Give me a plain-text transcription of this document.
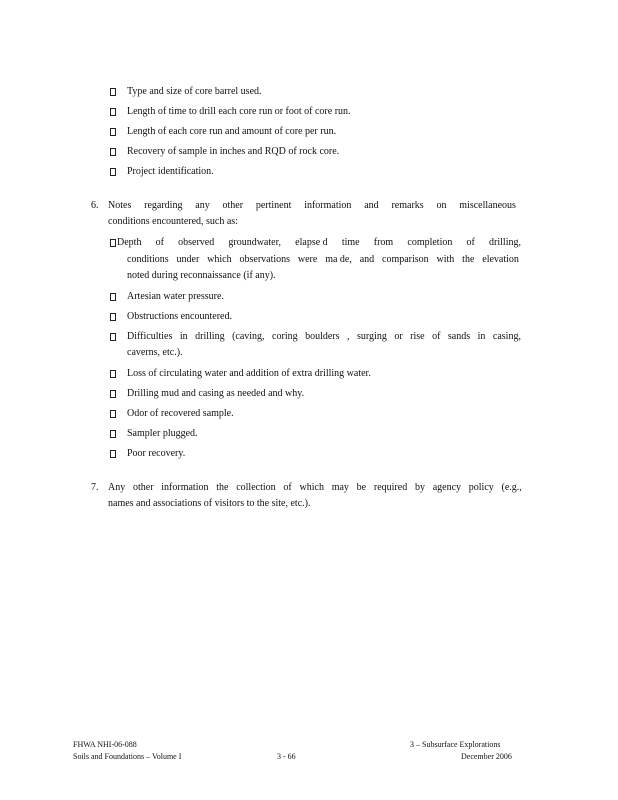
Type and size of core barrel used.
Length of time to drill each core run or foot of core run.
Length of each core run and amount of core per run.
Recovery of sample in inches and RQD of rock core.
Project identification.
6. Notes regarding any other pertinent information and remarks on miscellaneous
conditions encountered, such as:
Depth of observed groundwater, elapse d time from completion of drilling,
conditions under which observations were ma de, and comparison with the elevation
noted during reconnaissance (if any).
Artesian water pressure.
Obstructions encountered.
Difficulties in drilling (caving, coring boulders , surging or rise of sands in casing,
caverns, etc.).
Loss of circulating water and addition of extra drilling water.
Drilling mud and casing as needed and why.
Odor of recovered sample.
Sampler plugged.
Poor recovery.
7. Any other information the collection of which may be required by agency policy (e.g.,
names and associations of visitors to the site, etc.).
FHWA NHI-06-088
Soils and Foundations – Volume I	3 - 66
3 – Subsurface Explorations
December 2006
